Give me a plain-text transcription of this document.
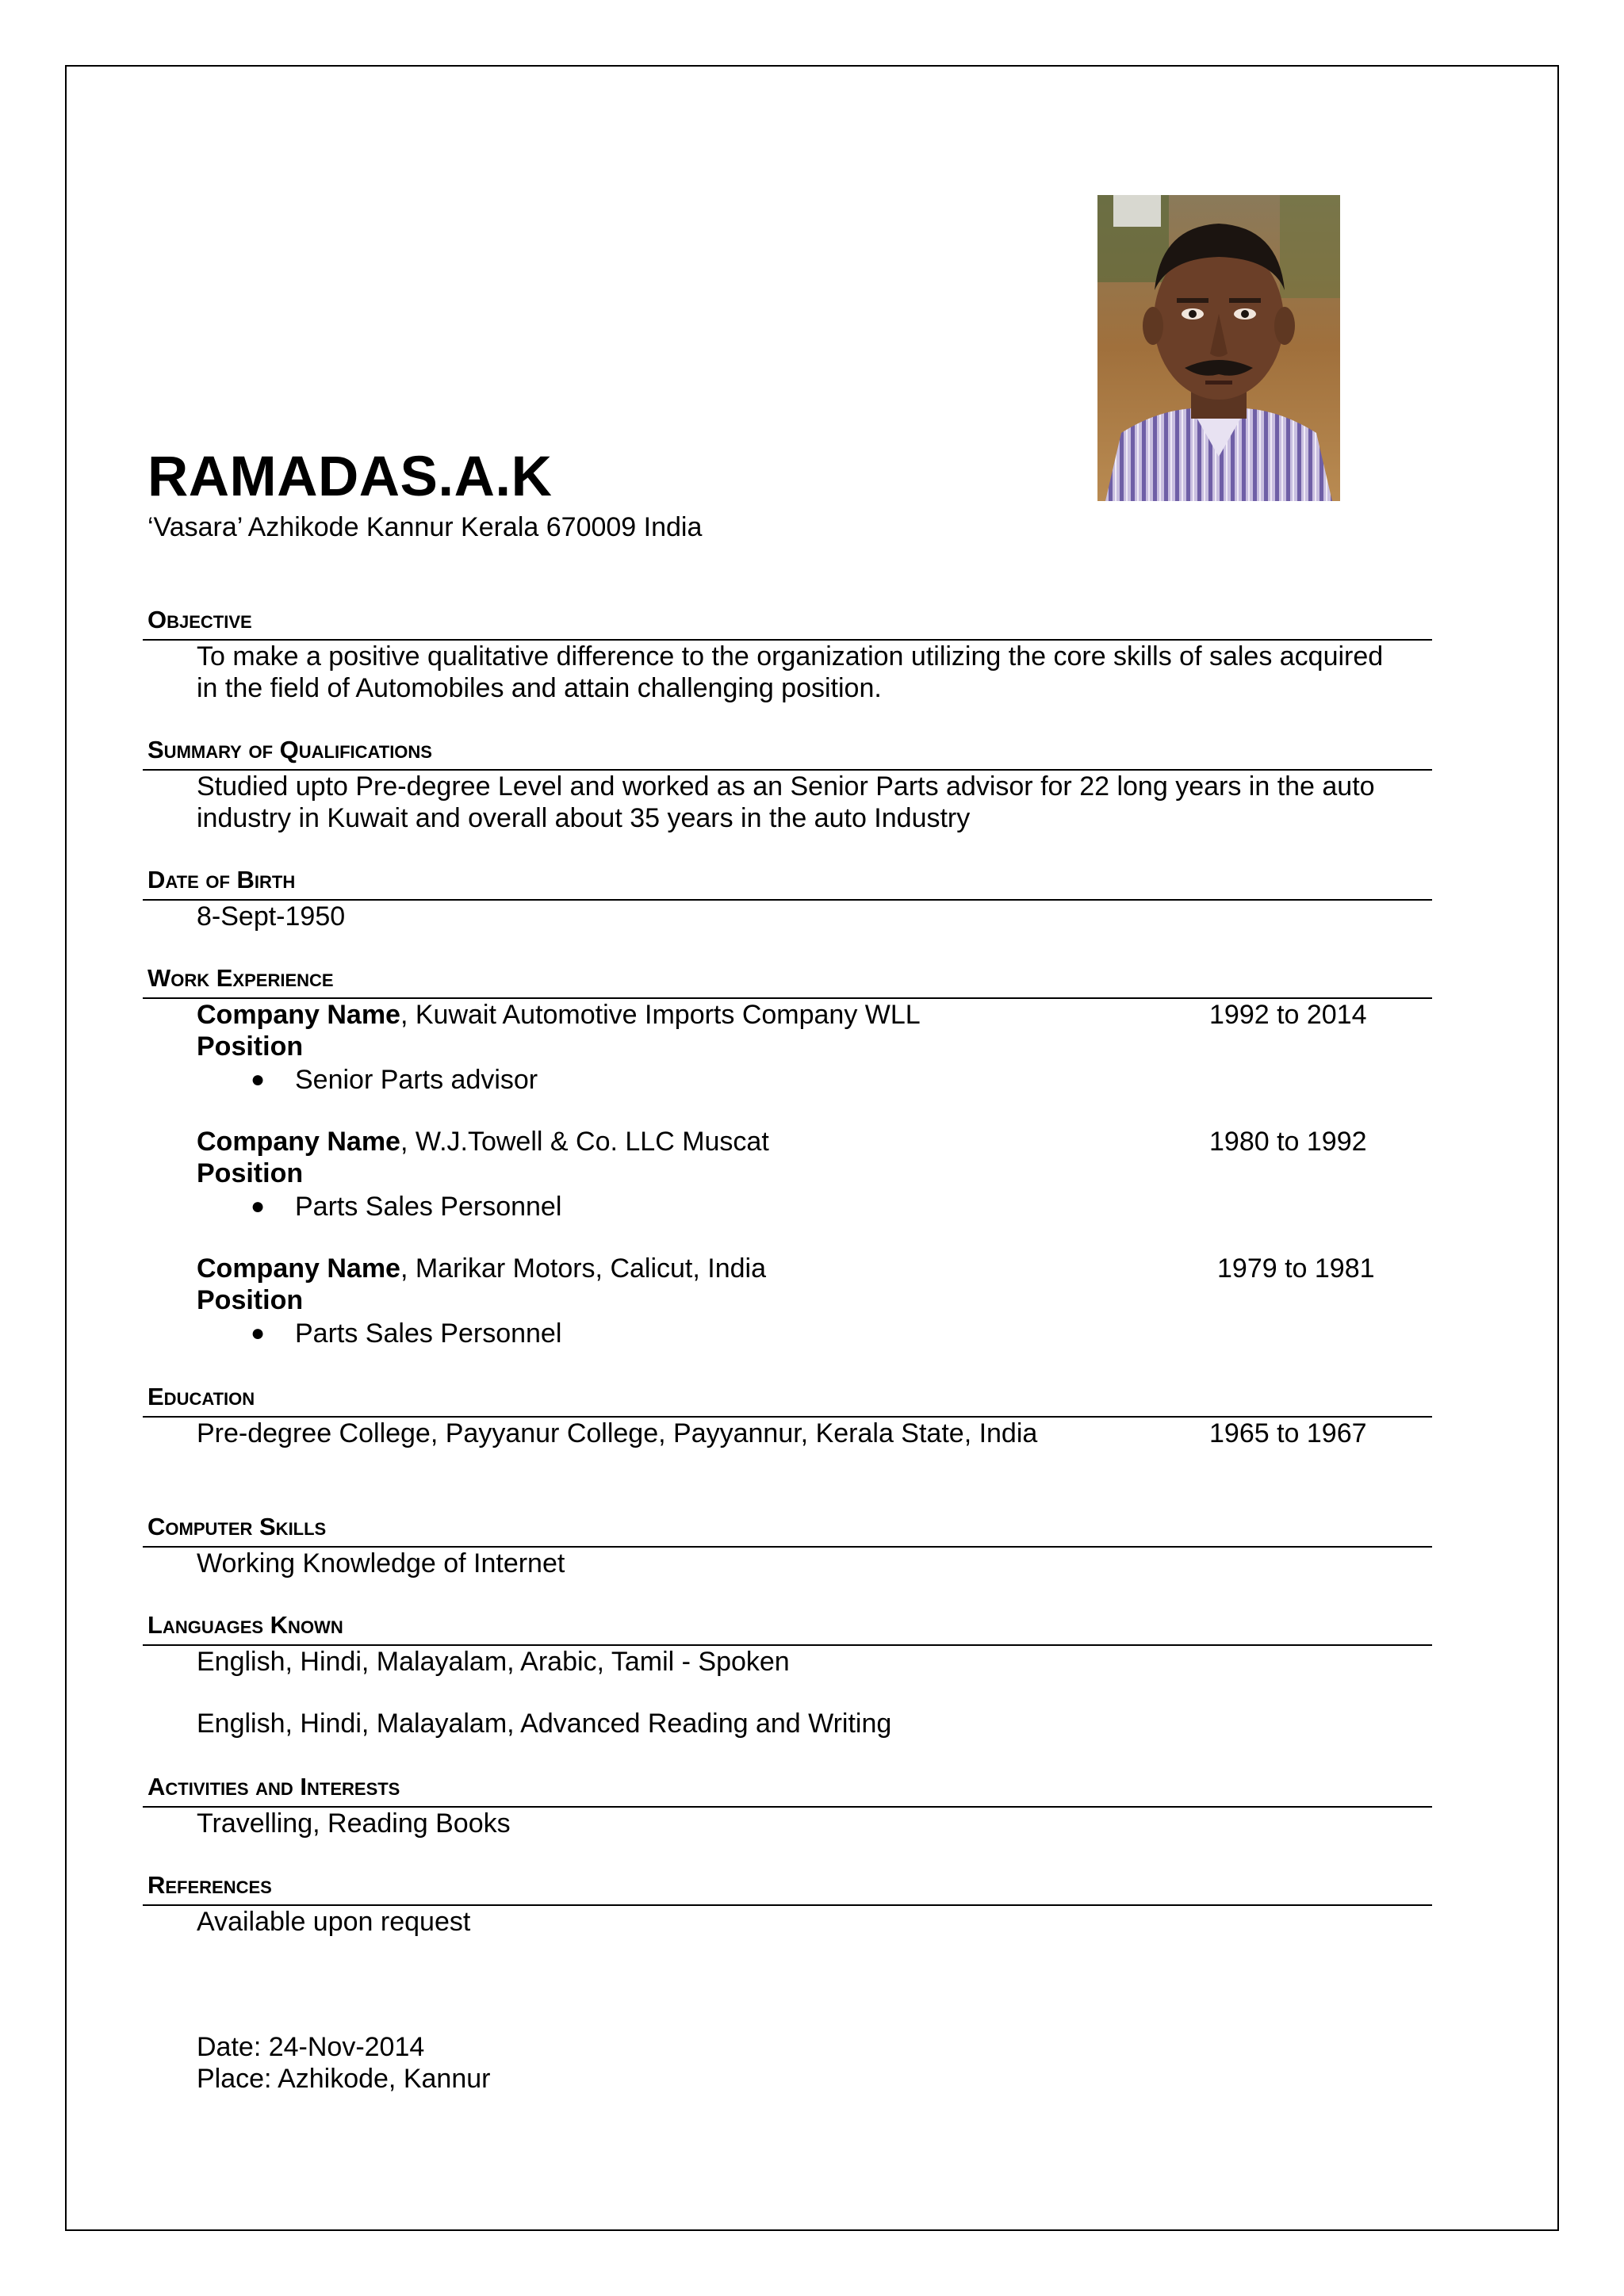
RAMADAS.A.K
‘Vasara’ Azhikode Kannur Kerala 670009 India
Objective
To make a positive qualitative difference to the organization utilizing the core skills of sales acquired
in the field of Automobiles and attain challenging position.
Summary of Qualifications
Studied upto Pre-degree Level and worked as an Senior Parts advisor for 22 long years in the auto
industry in Kuwait and overall about 35 years in the auto Industry
Date of Birth
8-Sept-1950
Work Experience
Company Name, Kuwait Automotive Imports Company WLL	1992 to 2014
Position
● Senior Parts advisor
Company Name, W.J.Towell & Co. LLC Muscat	1980 to 1992
Position
● Parts Sales Personnel
Company Name, Marikar Motors, Calicut, India	1979 to 1981
Position
● Parts Sales Personnel
Education
Pre-degree College, Payyanur College, Payyannur, Kerala State, India	1965 to 1967
Computer Skills
Working Knowledge of Internet
Languages Known
English, Hindi, Malayalam, Arabic, Tamil - Spoken
English, Hindi, Malayalam, Advanced Reading and Writing
Activities and Interests
Travelling, Reading Books
References
Available upon request
Date: 24-Nov-2014
Place: Azhikode, Kannur
